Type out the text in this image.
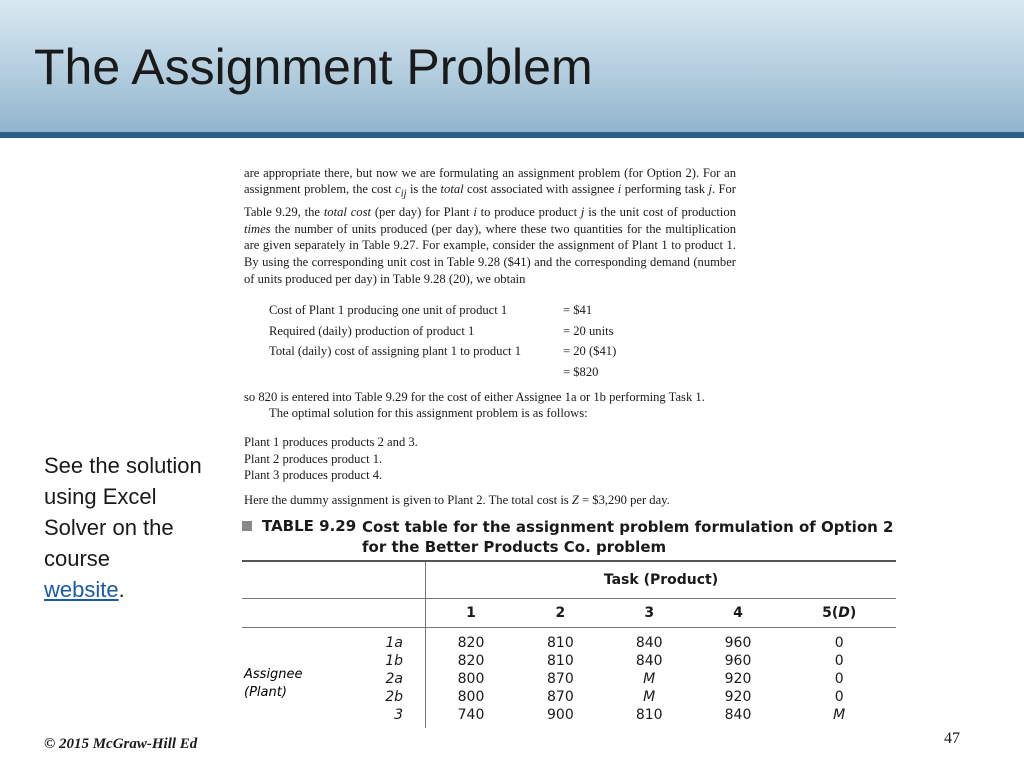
The Assignment Problem

are appropriate there, but now we are formulating an assignment problem (for Option 2). For an assignment problem, the cost $c_{ij}$ is the total cost associated with assignee i performing task j. For Table 9.29, the total cost (per day) for Plant i to produce product j is the unit cost of production times the number of units produced (per day), where these two quantities for the multiplication are given separately in Table 9.27. For example, consider the assignment of Plant 1 to product 1. By using the corresponding unit cost in Table 9.28 ($41) and the corresponding demand (number of units produced per day) in Table 9.28 (20), we obtain

Cost of Plant 1 producing one unit of product 1	= $41
Required (daily) production of product 1	= 20 units
Total (daily) cost of assigning plant 1 to product 1	= 20 ($41)
= $820
so 820 is entered into Table 9.29 for the cost of either Assignee 1a or 1b performing Task 1.
The optimal solution for this assignment problem is as follows:
Plant 1 produces products 2 and 3.
Plant 2 produces product 1.
Plant 3 produces product 4.
Here the dummy assignment is given to Plant 2. The total cost is Z = $3,290 per day.
See the solution using Excel Solver on the course
website.
TABLE 9.29 Cost table for the assignment problem formulation of Option 2 for the Better Products Co. problem
	Task (Product)				
	1	2	3	4	5(D)

1a	820	810	840	960	0
1b	820	810	840	960	0
2a	800	870	M	920	0
2b	800	870	M	920	0
3	740	900	810	840	M

Assignee
(Plant)
© 2015 McGraw-Hill Ed	47
